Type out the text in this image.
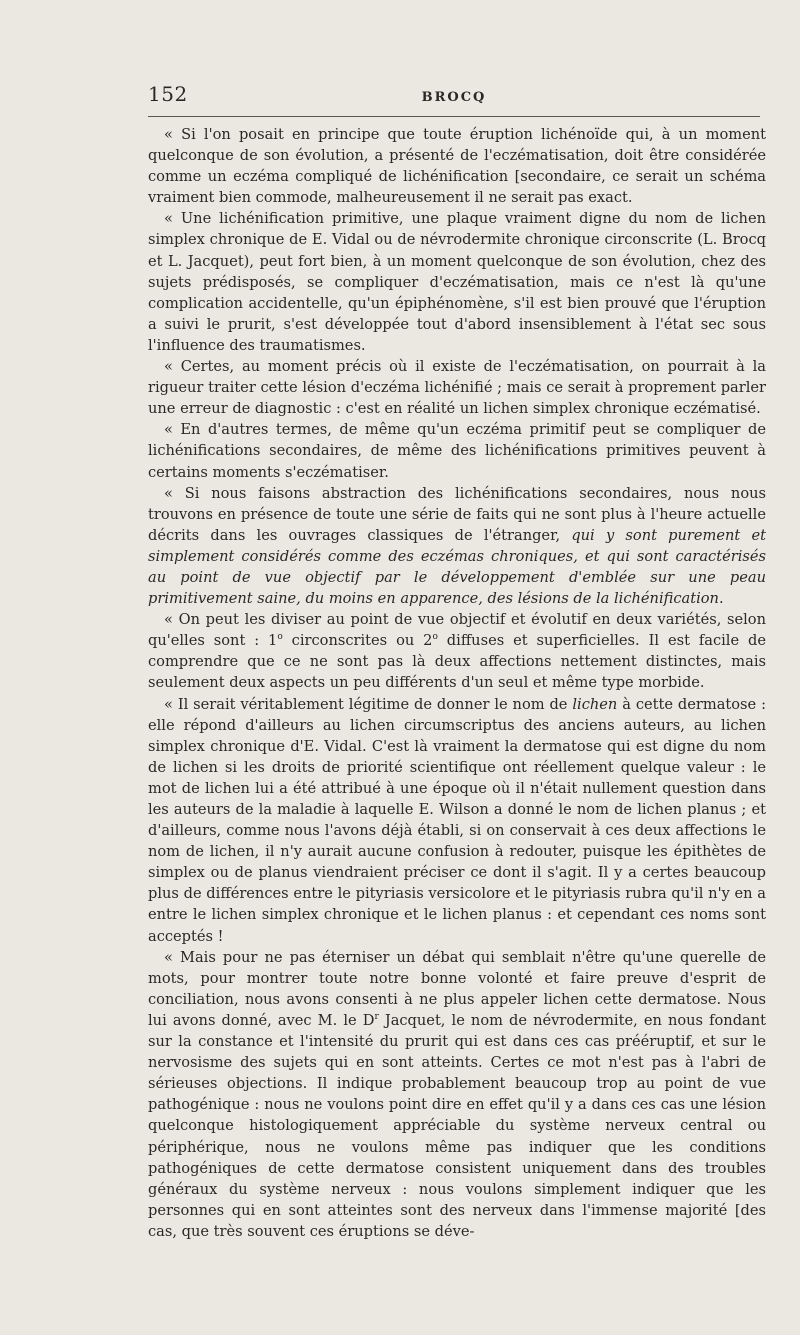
152	BROCQ

« Si l'on posait en principe que toute éruption lichénoïde qui, à un moment quelconque de son évolution, a présenté de l'eczématisation, doit être considérée comme un eczéma compliqué de lichénification [secondaire, ce serait un schéma vraiment bien commode, malheureusement il ne serait pas exact.

« Une lichénification primitive, une plaque vraiment digne du nom de lichen simplex chronique de E. Vidal ou de névrodermite chronique circonscrite (L. Brocq et L. Jacquet), peut fort bien, à un moment quelconque de son évolution, chez des sujets prédisposés, se compliquer d'eczématisation, mais ce n'est là qu'une complication accidentelle, qu'un épiphénomène, s'il est bien prouvé que l'éruption a suivi le prurit, s'est développée tout d'abord insensiblement à l'état sec sous l'influence des traumatismes.

« Certes, au moment précis où il existe de l'eczématisation, on pourrait à la rigueur traiter cette lésion d'eczéma lichénifié ; mais ce serait à proprement parler une erreur de diagnostic : c'est en réalité un lichen simplex chronique eczématisé.

« En d'autres termes, de même qu'un eczéma primitif peut se compliquer de lichénifications secondaires, de même des lichénifications primitives peuvent à certains moments s'eczématiser.

« Si nous faisons abstraction des lichénifications secondaires, nous nous trouvons en présence de toute une série de faits qui ne sont plus à l'heure actuelle décrits dans les ouvrages classiques de l'étranger, qui y sont purement et simplement considérés comme des eczémas chroniques, et qui sont caractérisés au point de vue objectif par le développement d'emblée sur une peau primitivement saine, du moins en apparence, des lésions de la lichénification.

« On peut les diviser au point de vue objectif et évolutif en deux variétés, selon qu'elles sont : 1$^o$ circonscrites ou 2$^o$ diffuses et superficielles. Il est facile de comprendre que ce ne sont pas là deux affections nettement distinctes, mais seulement deux aspects un peu différents d'un seul et même type morbide.

« Il serait véritablement légitime de donner le nom de lichen à cette dermatose : elle répond d'ailleurs au lichen circumscriptus des anciens auteurs, au lichen simplex chronique d'E. Vidal. C'est là vraiment la dermatose qui est digne du nom de lichen si les droits de priorité scientifique ont réellement quelque valeur : le mot de lichen lui a été attribué à une époque où il n'était nullement question dans les auteurs de la maladie à laquelle E. Wilson a donné le nom de lichen planus ; et d'ailleurs, comme nous l'avons déjà établi, si on conservait à ces deux affections le nom de lichen, il n'y aurait aucune confusion à redouter, puisque les épithètes de simplex ou de planus viendraient préciser ce dont il s'agit. Il y a certes beaucoup plus de différences entre le pityriasis versicolore et le pityriasis rubra qu'il n'y en a entre le lichen simplex chronique et le lichen planus : et cependant ces noms sont acceptés !

« Mais pour ne pas éterniser un débat qui semblait n'être qu'une querelle de mots, pour montrer toute notre bonne volonté et faire preuve d'esprit de conciliation, nous avons consenti à ne plus appeler lichen cette dermatose. Nous lui avons donné, avec M. le $D^r$ Jacquet, le nom de névrodermite, en nous fondant sur la constance et l'intensité du prurit qui est dans ces cas prééruptif, et sur le nervosisme des sujets qui en sont atteints. Certes ce mot n'est pas à l'abri de sérieuses objections. Il indique probablement beaucoup trop au point de vue pathogénique : nous ne voulons point dire en effet qu'il y a dans ces cas une lésion quelconque histologiquement appréciable du système nerveux central ou périphérique, nous ne voulons même pas indiquer que les conditions pathogéniques de cette dermatose consistent uniquement dans des troubles généraux du système nerveux : nous voulons simplement indiquer que les personnes qui en sont atteintes sont des nerveux dans l'immense majorité [des cas, que très souvent ces éruptions se déve-
